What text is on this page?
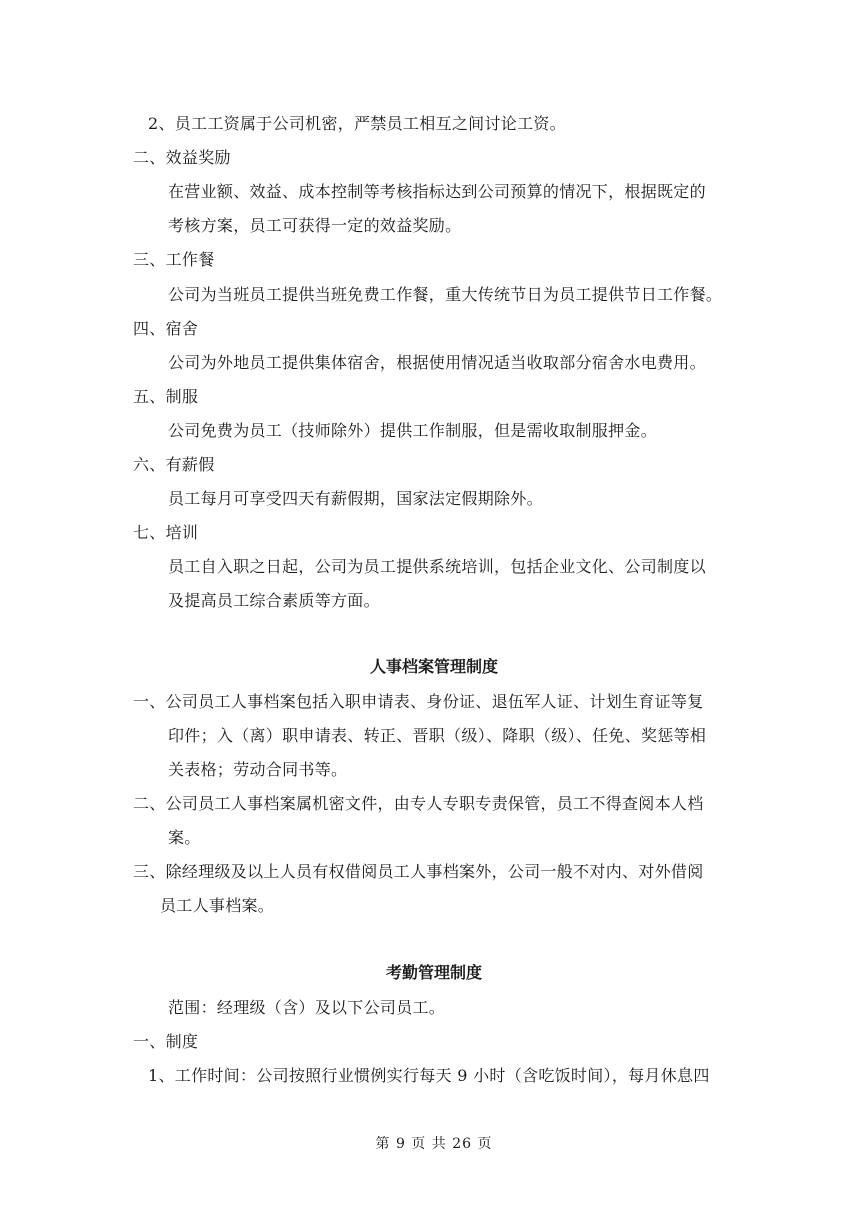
2、员工工资属于公司机密，严禁员工相互之间讨论工资。
二、效益奖励
在营业额、效益、成本控制等考核指标达到公司预算的情况下，根据既定的
考核方案，员工可获得一定的效益奖励。
三、工作餐
公司为当班员工提供当班免费工作餐，重大传统节日为员工提供节日工作餐。
四、宿舍
公司为外地员工提供集体宿舍，根据使用情况适当收取部分宿舍水电费用。
五、制服
公司免费为员工（技师除外）提供工作制服，但是需收取制服押金。
六、有薪假
员工每月可享受四天有薪假期，国家法定假期除外。
七、培训
员工自入职之日起，公司为员工提供系统培训，包括企业文化、公司制度以
及提高员工综合素质等方面。
人事档案管理制度
一、公司员工人事档案包括入职申请表、身份证、退伍军人证、计划生育证等复
印件；入（离）职申请表、转正、晋职（级）、降职（级）、任免、奖惩等相
关表格；劳动合同书等。
二、公司员工人事档案属机密文件，由专人专职专责保管，员工不得查阅本人档
案。
三、除经理级及以上人员有权借阅员工人事档案外，公司一般不对内、对外借阅
员工人事档案。
考勤管理制度
范围：经理级（含）及以下公司员工。
一、制度
1、工作时间：公司按照行业惯例实行每天 9 小时（含吃饭时间），每月休息四
第 9 页 共 26 页
